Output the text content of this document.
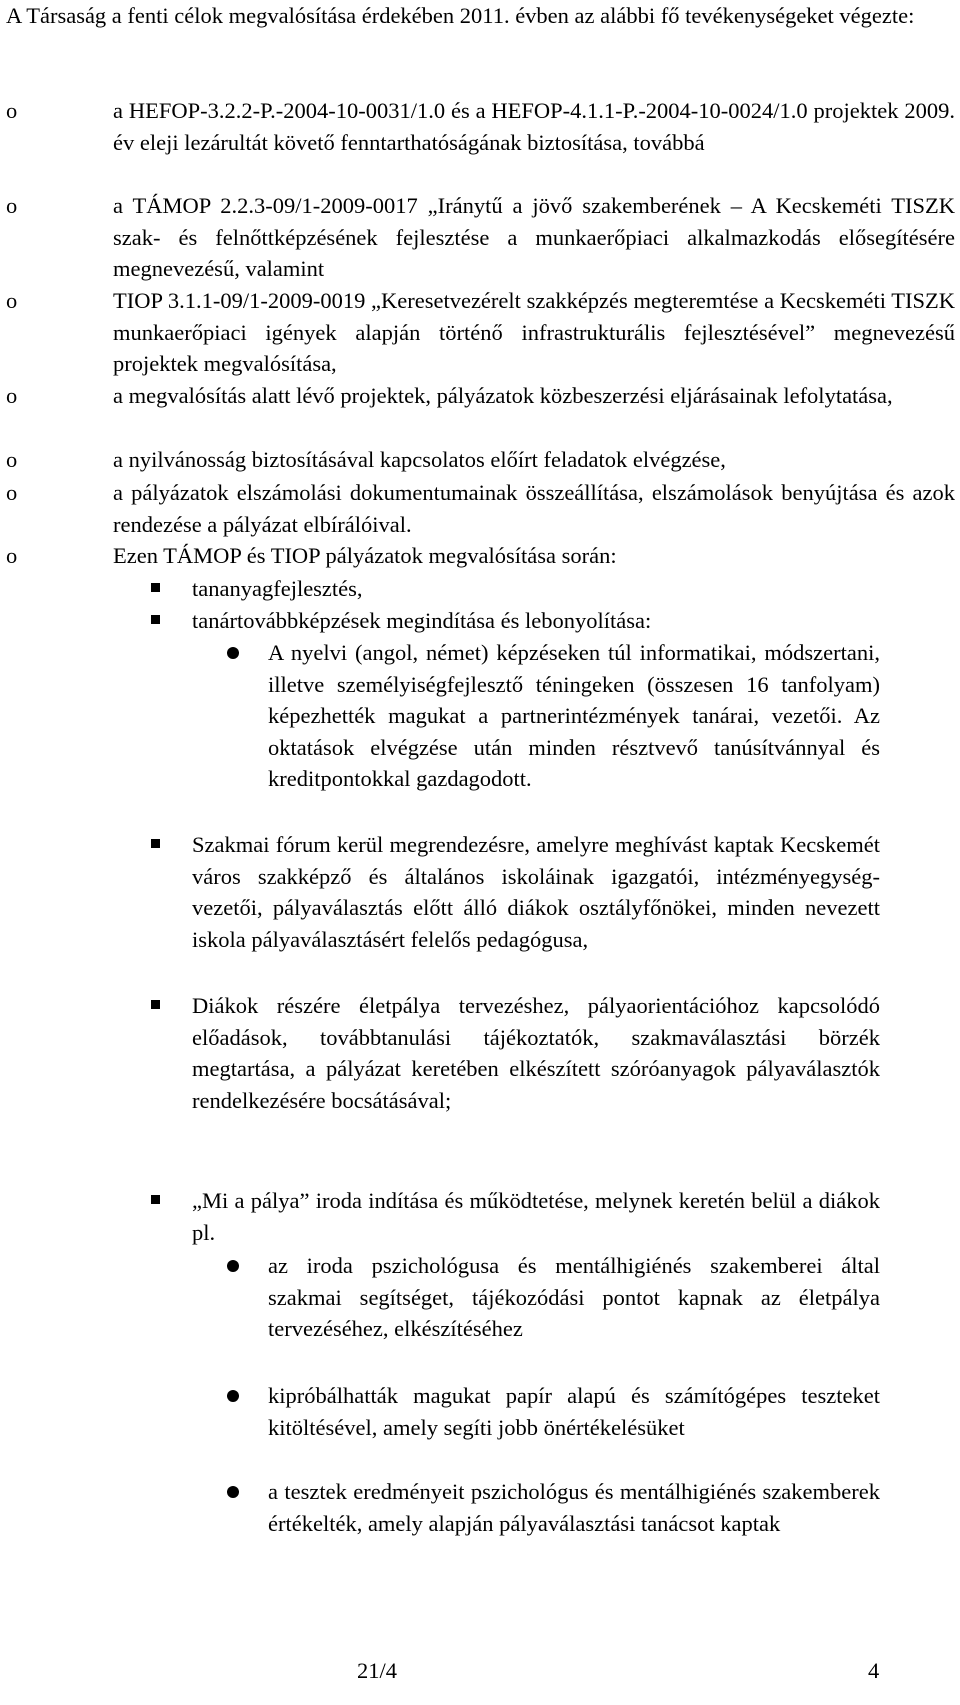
A Társaság a fenti célok megvalósítása érdekében 2011. évben az alábbi fő tevékenységeket végezte:
o	a HEFOP-3.2.2-P.-2004-10-0031/1.0 és a HEFOP-4.1.1-P.-2004-10-0024/1.0 projektek 2009. év eleji lezárultát követő fenntarthatóságának biztosítása, továbbá
o	a TÁMOP 2.2.3-09/1-2009-0017 „Iránytű a jövő szakemberének – A Kecskeméti TISZK szak- és felnőttképzésének fejlesztése a munkaerőpiaci alkalmazkodás elősegítésére megnevezésű, valamint
o	TIOP 3.1.1-09/1-2009-0019 „Keresetvezérelt szakképzés megteremtése a Kecskeméti TISZK munkaerőpiaci igények alapján történő infrastrukturális fejlesztésével” megnevezésű projektek megvalósítása,
o	a megvalósítás alatt lévő projektek, pályázatok közbeszerzési eljárásainak lefolytatása,
o	a nyilvánosság biztosításával kapcsolatos előírt feladatok elvégzése,
o	a pályázatok elszámolási dokumentumainak összeállítása, elszámolások benyújtása és azok rendezése a pályázat elbírálóival.
o	Ezen TÁMOP és TIOP pályázatok megvalósítása során:
tananyagfejlesztés,
tanártovábbképzések megindítása és lebonyolítása:
A nyelvi (angol, német) képzéseken túl informatikai, módszertani, illetve személyiségfejlesztő téningeken (összesen 16 tanfolyam) képezhették magukat a partnerintézmények tanárai, vezetői. Az oktatások elvégzése után minden résztvevő tanúsítvánnyal és kreditpontokkal gazdagodott.
Szakmai fórum kerül megrendezésre, amelyre meghívást kaptak Kecskemét város szakképző és általános iskoláinak igazgatói, intézményegység-vezetői, pályaválasztás előtt álló diákok osztályfőnökei, minden nevezett iskola pályaválasztásért felelős pedagógusa,
Diákok részére életpálya tervezéshez, pályaorientációhoz kapcsolódó előadások, továbbtanulási tájékoztatók, szakmaválasztási börzék megtartása, a pályázat keretében elkészített szóróanyagok pályaválasztók rendelkezésére bocsátásával;
„Mi a pálya” iroda indítása és működtetése, melynek keretén belül a diákok pl.
az iroda pszichológusa és mentálhigiénés szakemberei által szakmai segítséget, tájékozódási pontot kapnak az életpálya tervezéséhez, elkészítéséhez
kipróbálhatták magukat papír alapú és számítógépes teszteket kitöltésével, amely segíti jobb önértékelésüket
a tesztek eredményeit pszichológus és mentálhigiénés szakemberek értékelték, amely alapján pályaválasztási tanácsot kaptak
21/4	4
